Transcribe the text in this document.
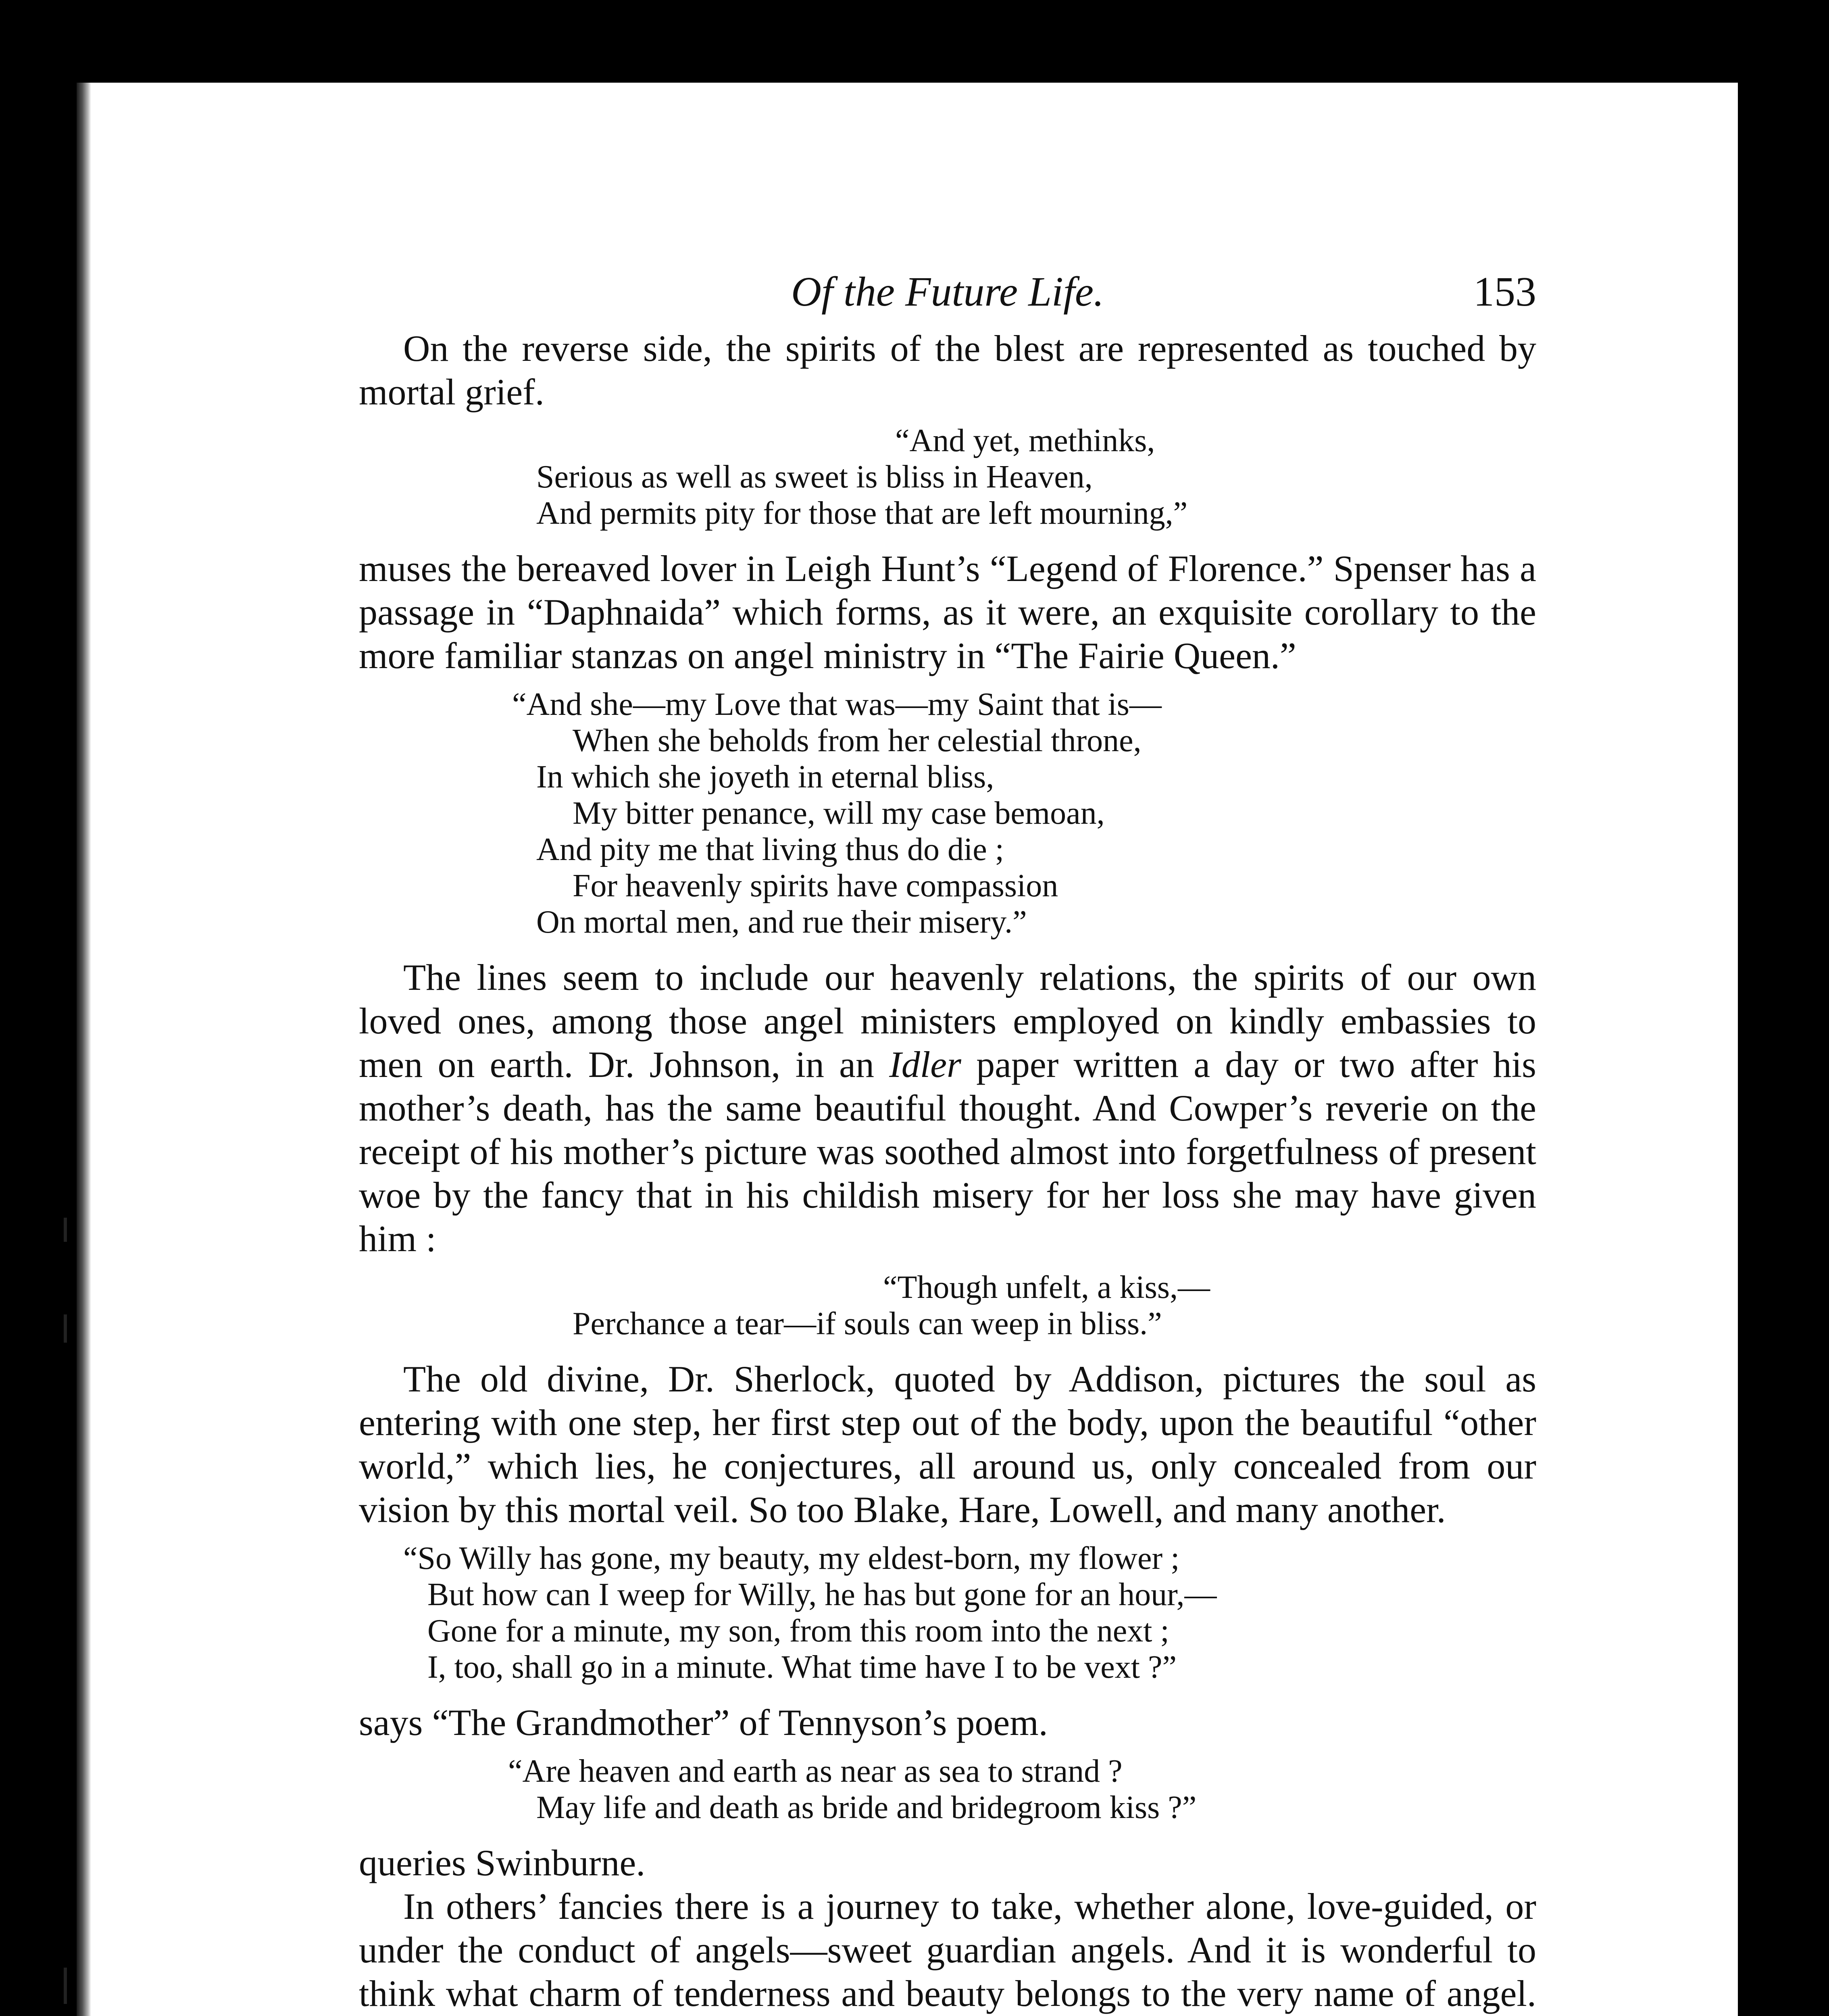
Of the Future Life.	153

On the reverse side, the spirits of the blest are represented as touched by mortal grief.

“And yet, methinks,
Serious as well as sweet is bliss in Heaven,
And permits pity for those that are left mourning,”

muses the bereaved lover in Leigh Hunt’s “Legend of Florence.” Spenser has a passage in “Daphnaida” which forms, as it were, an exquisite corollary to the more familiar stanzas on angel ministry in “The Fairie Queen.”

“And she—my Love that was—my Saint that is—
When she beholds from her celestial throne,
In which she joyeth in eternal bliss,
My bitter penance, will my case bemoan,
And pity me that living thus do die ;
For heavenly spirits have compassion
On mortal men, and rue their misery.”

The lines seem to include our heavenly relations, the spirits of our own loved ones, among those angel ministers employed on kindly embassies to men on earth. Dr. Johnson, in an Idler paper written a day or two after his mother’s death, has the same beautiful thought. And Cowper’s reverie on the receipt of his mother’s picture was soothed almost into forgetfulness of present woe by the fancy that in his childish misery for her loss she may have given him :

“Though unfelt, a kiss,—
Perchance a tear—if souls can weep in bliss.”

The old divine, Dr. Sherlock, quoted by Addison, pictures the soul as entering with one step, her first step out of the body, upon the beautiful “other world,” which lies, he conjectures, all around us, only concealed from our vision by this mortal veil. So too Blake, Hare, Lowell, and many another.

“So Willy has gone, my beauty, my eldest-born, my flower ;
But how can I weep for Willy, he has but gone for an hour,—
Gone for a minute, my son, from this room into the next ;
I, too, shall go in a minute. What time have I to be vext ?”

says “The Grandmother” of Tennyson’s poem.

“Are heaven and earth as near as sea to strand ?
May life and death as bride and bridegroom kiss ?”

queries Swinburne.

In others’ fancies there is a journey to take, whether alone, love-guided, or under the conduct of angels—sweet guardian angels. And it is wonderful to think what charm of tenderness and beauty belongs to the very name of angel.
